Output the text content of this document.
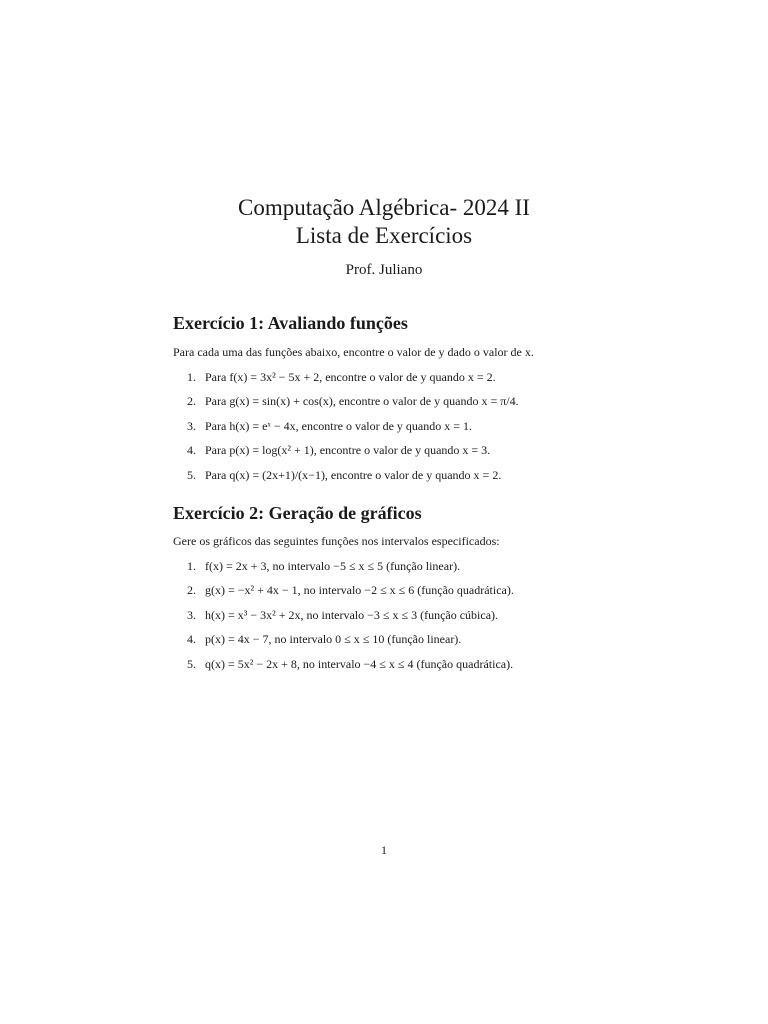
Computação Algébrica- 2024 II

Lista de Exercícios

Prof. Juliano

Exercício 1: Avaliando funções

Para cada uma das funções abaixo, encontre o valor de y dado o valor de x.

1. Para f(x) = 3x² − 5x + 2, encontre o valor de y quando x = 2.
2. Para g(x) = sin(x) + cos(x), encontre o valor de y quando x = π/4.
3. Para h(x) = eˣ − 4x, encontre o valor de y quando x = 1.
4. Para p(x) = log(x² + 1), encontre o valor de y quando x = 3.
5. Para q(x) = (2x+1)/(x−1), encontre o valor de y quando x = 2.
Exercício 2: Geração de gráficos

Gere os gráficos das seguintes funções nos intervalos especificados:

1. f(x) = 2x + 3, no intervalo −5 ≤ x ≤ 5 (função linear).
2. g(x) = −x² + 4x − 1, no intervalo −2 ≤ x ≤ 6 (função quadrática).
3. h(x) = x³ − 3x² + 2x, no intervalo −3 ≤ x ≤ 3 (função cúbica).
4. p(x) = 4x − 7, no intervalo 0 ≤ x ≤ 10 (função linear).
5. q(x) = 5x² − 2x + 8, no intervalo −4 ≤ x ≤ 4 (função quadrática).
1
